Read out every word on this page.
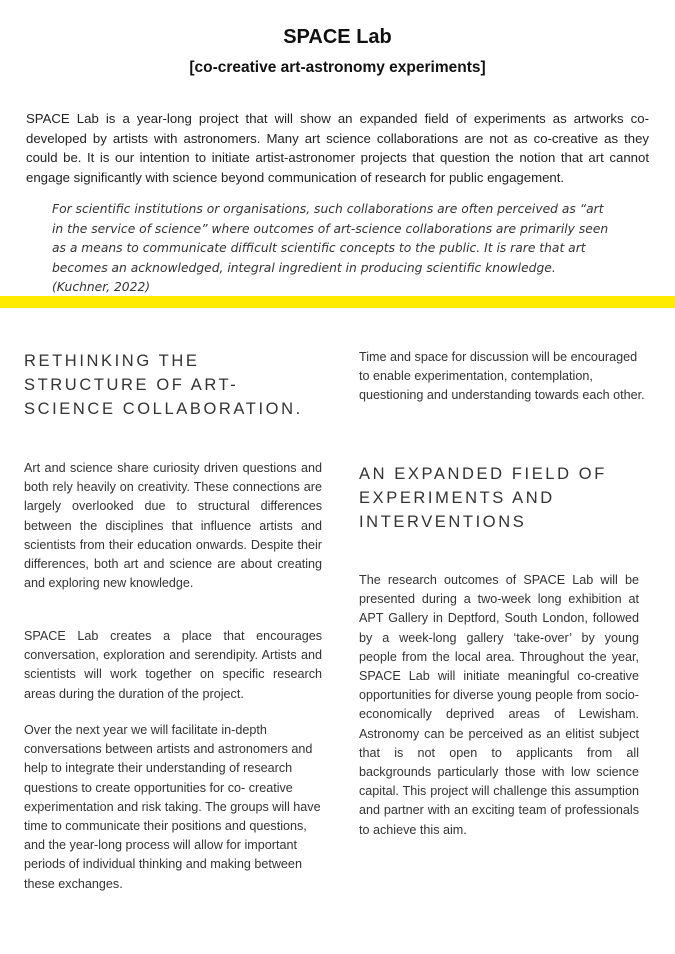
SPACE Lab
[co-creative art-astronomy experiments]

SPACE Lab is a year-long project that will show an expanded field of experiments as artworks co-developed by artists with astronomers. Many art science collaborations are not as co-creative as they could be. It is our intention to initiate artist-astronomer projects that question the notion that art cannot engage significantly with science beyond communication of research for public engagement.

For scientific institutions or organisations, such collaborations are often perceived as “art in the service of science” where outcomes of art-science collaborations are primarily seen as a means to communicate difficult scientific concepts to the public. It is rare that art becomes an acknowledged, integral ingredient in producing scientific knowledge. (Kuchner, 2022)

RETHINKING THE STRUCTURE OF ART-SCIENCE COLLABORATION.

Art and science share curiosity driven questions and both rely heavily on creativity. These connections are largely overlooked due to structural differences between the disciplines that influence artists and scientists from their education onwards. Despite their differences, both art and science are about creating and exploring new knowledge.

SPACE Lab creates a place that encourages conversation, exploration and serendipity. Artists and scientists will work together on specific research areas during the duration of the project.

Over the next year we will facilitate in-depth conversations between artists and astronomers and help to integrate their understanding of research questions to create opportunities for co- creative experimentation and risk taking. The groups will have time to communicate their positions and questions, and the year-long process will allow for important periods of individual thinking and making between these exchanges.

Time and space for discussion will be encouraged to enable experimentation, contemplation, questioning and understanding towards each other.

AN EXPANDED FIELD OF EXPERIMENTS AND INTERVENTIONS

The research outcomes of SPACE Lab will be presented during a two-week long exhibition at APT Gallery in Deptford, South London, followed by a week-long gallery ‘take-over’ by young people from the local area. Throughout the year, SPACE Lab will initiate meaningful co-creative opportunities for diverse young people from socio-economically deprived areas of Lewisham. Astronomy can be perceived as an elitist subject that is not open to applicants from all backgrounds particularly those with low science capital. This project will challenge this assumption and partner with an exciting team of professionals to achieve this aim.
